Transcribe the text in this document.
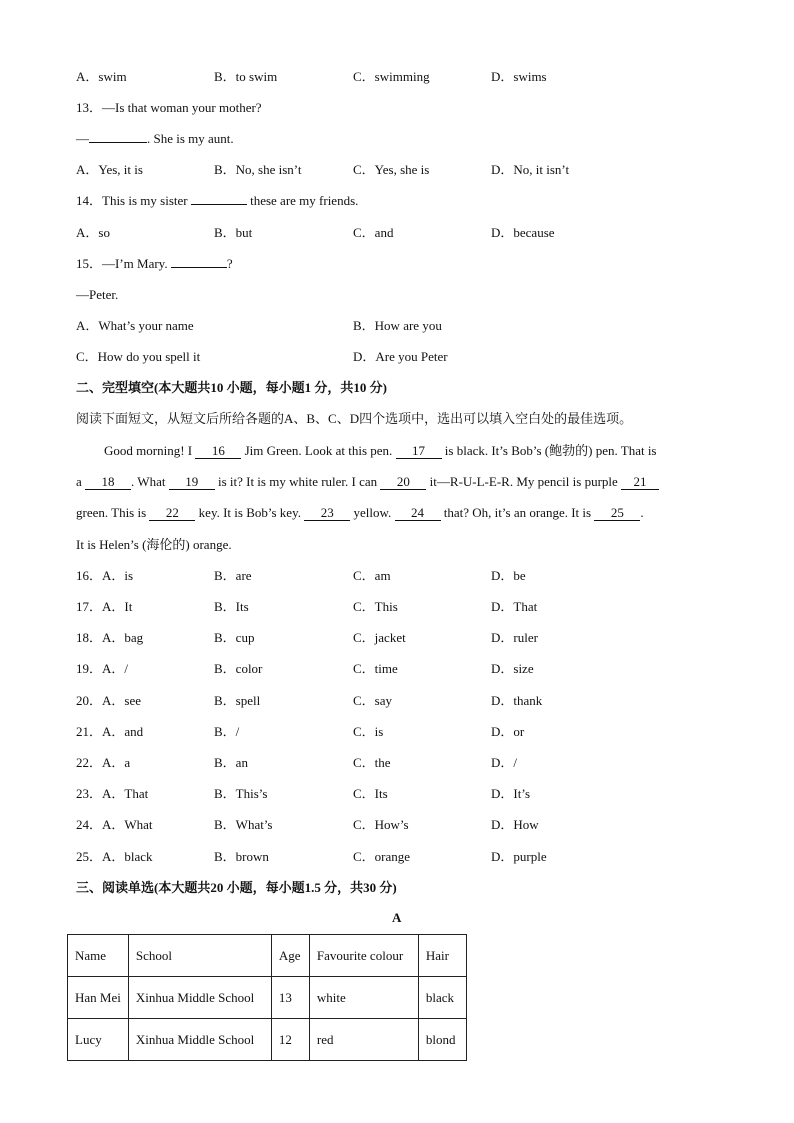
A．swim	B．to swim	C．swimming	D．swims
13．—Is that woman your mother?
—	. She is my aunt.
A．Yes, it is	B．No, she isn’t	C．Yes, she is	D．No, it isn’t
14．This is my sister	these are my friends.
A．so	B．but	C．and	D．because
15．—I’m Mary.	?
—Peter.
A．What’s your name	B．How are you
C．How do you spell it	D．Are you Peter
二、完型填空(本大题共10 小题，每小题1 分，共10 分)
阅读下面短文，从短文后所给各题的A、B、C、D四个选项中，选出可以填入空白处的最佳选项。
Good morning! I 16 Jim Green. Look at this pen. 17 is black. It’s Bob’s (鲍勃的) pen. That is
a 18 . What 19 is it? It is my white ruler. I can 20 it—R-U-L-E-R. My pencil is purple 21
green. This is 22 key. It is Bob’s key. 23 yellow. 24 that? Oh, it’s an orange. It is 25 .
It is Helen’s (海伦的) orange.
16．A．is	B．are	C．am	D．be
17．A．It	B．Its	C．This	D．That
18．A．bag	B．cup	C．jacket	D．ruler
19．A．/	B．color	C．time	D．size
20．A．see	B．spell	C．say	D．thank
21．A．and	B．/	C．is	D．or
22．A．a	B．an	C．the	D．/
23．A．That	B．This’s	C．Its	D．It’s
24．A．What	B．What’s	C．How’s	D．How
25．A．black	B．brown	C．orange	D．purple
三、阅读单选(本大题共20 小题，每小题1.5 分，共30 分)
A
Name	School	Age	Favourite colour	Hair
Han Mei	Xinhua Middle School	13	white	black
Lucy	Xinhua Middle School	12	red	blond
